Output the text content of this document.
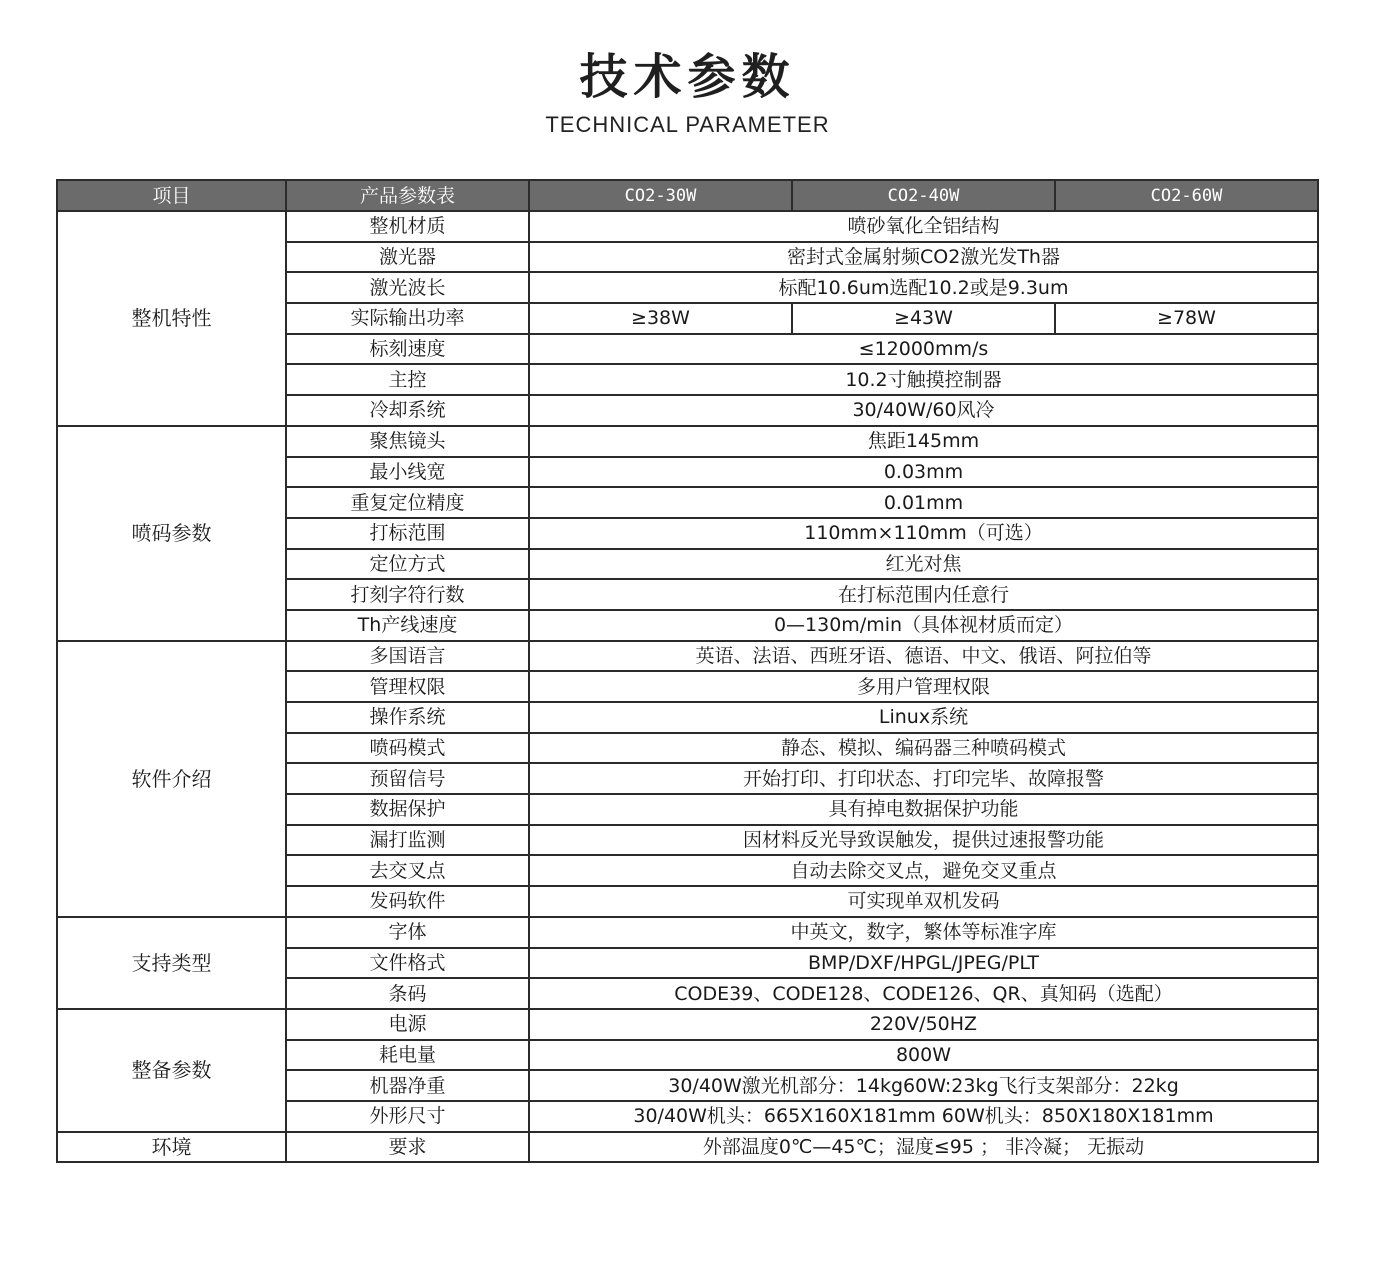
技术参数
TECHNICAL PARAMETER
项目	产品参数表	CO2-30W	CO2-40W	CO2-60W
整机特性	整机材质	喷砂氧化全铝结构		
	激光器	密封式金属射频CO2激光发Th器		
	激光波长	标配10.6um选配10.2或是9.3um		
	实际输出功率	≥38W	≥43W	≥78W
	标刻速度	≤12000mm/s		
	主控	10.2寸触摸控制器		
	冷却系统	30/40W/60风冷		
喷码参数	聚焦镜头	焦距145mm		
	最小线宽	0.03mm		
	重复定位精度	0.01mm		
	打标范围	110mm×110mm（可选）		
	定位方式	红光对焦		
	打刻字符行数	在打标范围内任意行		
	Th产线速度	0—130m/min（具体视材质而定）		
软件介绍	多国语言	英语、法语、西班牙语、德语、中文、俄语、阿拉伯等		
	管理权限	多用户管理权限		
	操作系统	Linux系统		
	喷码模式	静态、模拟、编码器三种喷码模式		
	预留信号	开始打印、打印状态、打印完毕、故障报警		
	数据保护	具有掉电数据保护功能		
	漏打监测	因材料反光导致误触发，提供过速报警功能		
	去交叉点	自动去除交叉点，避免交叉重点		
	发码软件	可实现单双机发码		
支持类型	字体	中英文，数字，繁体等标准字库		
	文件格式	BMP/DXF/HPGL/JPEG/PLT		
	条码	CODE39、CODE128、CODE126、QR、真知码（选配）		
整备参数	电源	220V/50HZ		
	耗电量	800W		
	机器净重	30/40W激光机部分：14kg60W:23kg飞行支架部分：22kg		
	外形尺寸	30/40W机头：665X160X181mm 60W机头：850X180X181mm		
环境	要求	外部温度0℃—45℃；湿度≤95 ； 非冷凝； 无振动		
